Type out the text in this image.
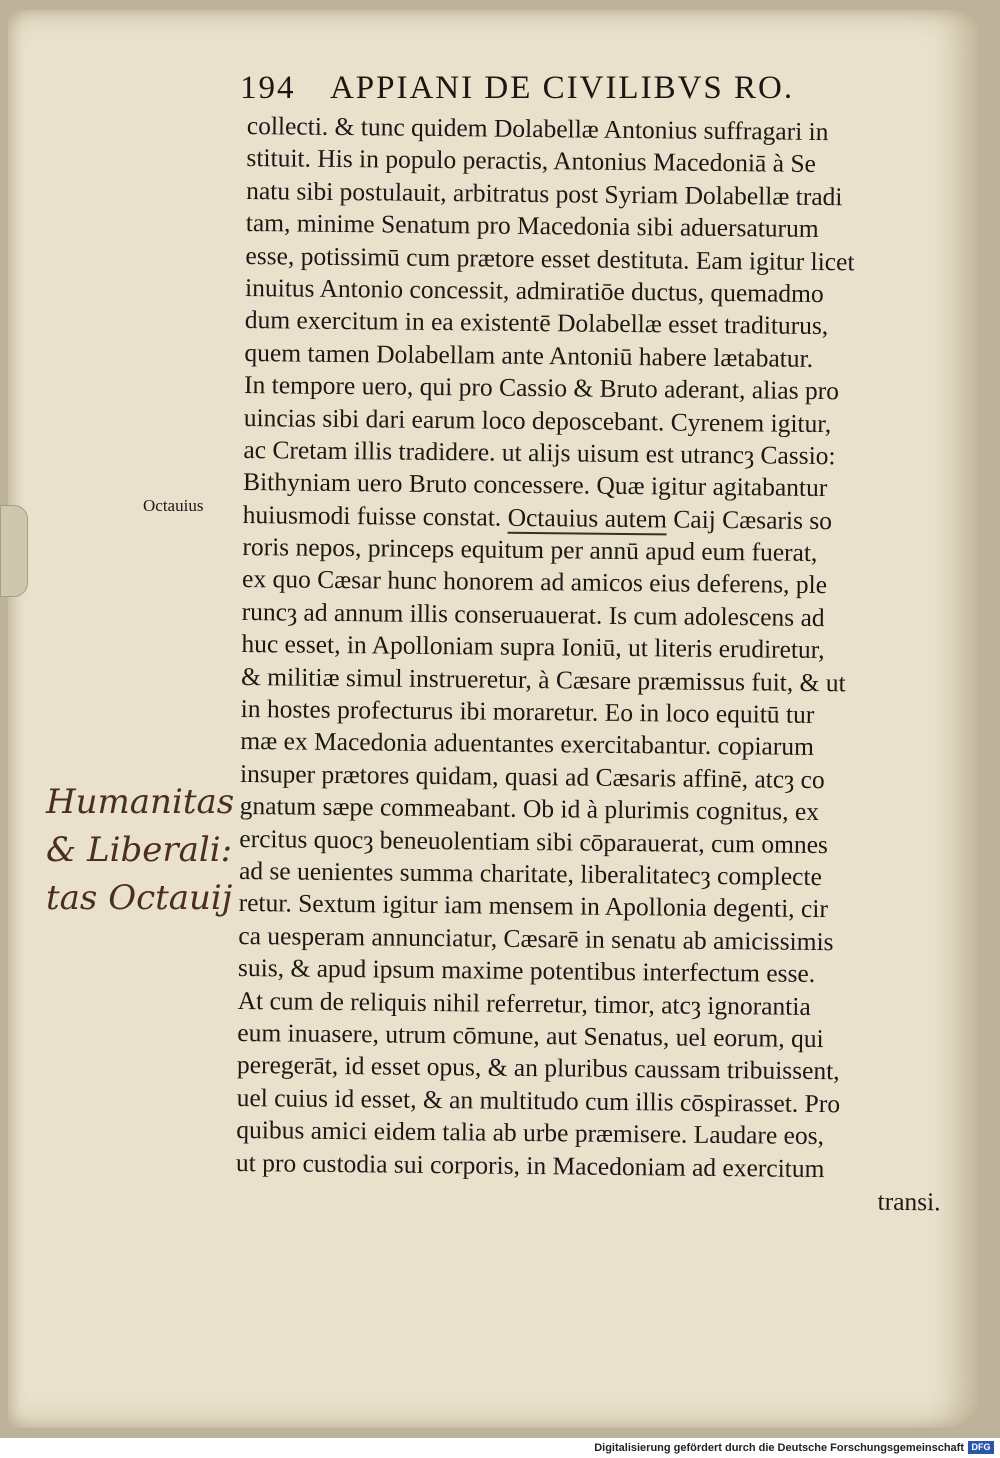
194 APPIANI DE CIVILIBVS RO.
Octauius
Humanitas
& Liberali:
tas Octauij
collecti. & tunc quidem Dolabellæ Antonius suffragari in
stituit. His in populo peractis, Antonius Macedoniā à Se
natu sibi postulauit, arbitratus post Syriam Dolabellæ tradi
tam, minime Senatum pro Macedonia sibi aduersaturum
esse, potissimū cum prætore esset destituta. Eam igitur licet
inuitus Antonio concessit, admiratiōe ductus, quemadmo
dum exercitum in ea existentē Dolabellæ esset traditurus,
quem tamen Dolabellam ante Antoniū habere lætabatur.
In tempore uero, qui pro Cassio & Bruto aderant, alias pro
uincias sibi dari earum loco deposcebant. Cyrenem igitur,
ac Cretam illis tradidere. ut alijs uisum est utrancȝ Cassio:
Bithyniam uero Bruto concessere. Quæ igitur agitabantur
huiusmodi fuisse constat. Octauius autem Caij Cæsaris so
roris nepos, princeps equitum per annū apud eum fuerat,
ex quo Cæsar hunc honorem ad amicos eius deferens, ple
runcȝ ad annum illis conseruauerat. Is cum adolescens ad
huc esset, in Apolloniam supra Ioniū, ut literis erudiretur,
& militiæ simul instrueretur, à Cæsare præmissus fuit, & ut
in hostes profecturus ibi moraretur. Eo in loco equitū tur
mæ ex Macedonia aduentantes exercitabantur. copiarum
insuper prætores quidam, quasi ad Cæsaris affinē, atcȝ co
gnatum sæpe commeabant. Ob id à plurimis cognitus, ex
ercitus quocȝ beneuolentiam sibi cōparauerat, cum omnes
ad se uenientes summa charitate, liberalitatecȝ complecte
retur. Sextum igitur iam mensem in Apollonia degenti, cir
ca uesperam annunciatur, Cæsarē in senatu ab amicissimis
suis, & apud ipsum maxime potentibus interfectum esse.
At cum de reliquis nihil referretur, timor, atcȝ ignorantia
eum inuasere, utrum cōmune, aut Senatus, uel eorum, qui
peregerāt, id esset opus, & an pluribus caussam tribuissent,
uel cuius id esset, & an multitudo cum illis cōspirasset. Pro
quibus amici eidem talia ab urbe præmisere. Laudare eos,
ut pro custodia sui corporis, in Macedoniam ad exercitum
transi.
Digitalisierung gefördert durch die Deutsche Forschungsgemeinschaft DFG
